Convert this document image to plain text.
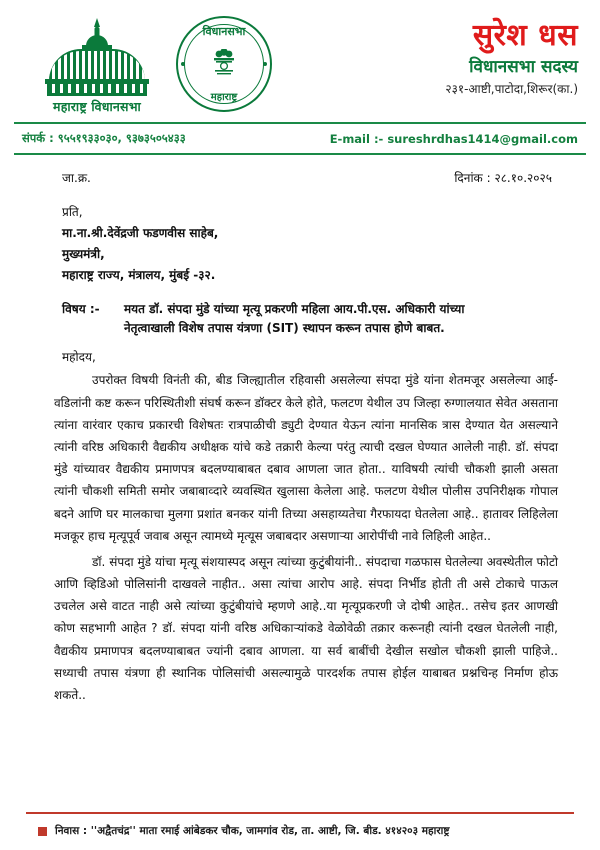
महाराष्ट्र विधानसभा
विधानसभा
महाराष्ट्र
सुरेश धस
विधानसभा सदस्य
२३१-आष्टी,पाटोदा,शिरूर(का.)
संपर्क : ९५५१९३३०३०, ९३७३५०५४३३	E-mail :- sureshrdhas1414@gmail.com
जा.क्र.	दिनांक : २८.१०.२०२५
प्रति,
मा.ना.श्री.देवेंद्रजी फडणवीस साहेब,
मुख्यमंत्री,
महाराष्ट्र राज्य, मंत्रालय, मुंबई -३२.
विषय :-	मयत डॉ. संपदा मुंडे यांच्या मृत्यू प्रकरणी महिला आय.पी.एस. अधिकारी यांच्या
नेतृत्वाखाली विशेष तपास यंत्रणा (SIT) स्थापन करून तपास होणे बाबत.
महोदय,
उपरोक्त विषयी विनंती की, बीड जिल्ह्यातील रहिवासी असलेल्या संपदा मुंडे यांना शेतमजूर असलेल्या आई-वडिलांनी कष्ट करून परिस्थितीशी संघर्ष करून डॉक्टर केले होते, फलटण येथील उप जिल्हा रुग्णालयात सेवेत असताना त्यांना वारंवार एकाच प्रकारची विशेषतः रात्रपाळीची ड्युटी देण्यात येऊन त्यांना मानसिक त्रास देण्यात येत असल्याने त्यांनी वरिष्ठ अधिकारी वैद्यकीय अधीक्षक यांचे कडे तक्रारी केल्या परंतु त्याची दखल घेण्यात आलेली नाही. डॉ. संपदा मुंडे यांच्यावर वैद्यकीय प्रमाणपत्र बदलण्याबाबत दबाव आणला जात होता.. याविषयी त्यांची चौकशी झाली असता त्यांनी चौकशी समिती समोर जबाबाव्दारे व्यवस्थित खुलासा केलेला आहे. फलटण येथील पोलीस उपनिरीक्षक गोपाल बदने आणि घर मालकाचा मुलगा प्रशांत बनकर यांनी तिच्या असहाय्यतेचा गैरफायदा घेतलेला आहे.. हातावर लिहिलेला मजकूर हाच मृत्यूपूर्व जवाब असून त्यामध्ये मृत्यूस जबाबदार असणाऱ्या आरोपींची नावे लिहिली आहेत..
डॉ. संपदा मुंडे यांचा मृत्यू संशयास्पद असून त्यांच्या कुटुंबीयांनी.. संपदाचा गळफास घेतलेल्या अवस्थेतील फोटो आणि व्हिडिओ पोलिसांनी दाखवले नाहीत.. असा त्यांचा आरोप आहे. संपदा निर्भीड होती ती असे टोकाचे पाऊल उचलेल असे वाटत नाही असे त्यांच्या कुटुंबीयांचे म्हणणे आहे..या मृत्यूप्रकरणी जे दोषी आहेत.. तसेच इतर आणखी कोण सहभागी आहेत ? डॉ. संपदा यांनी वरिष्ठ अधिकाऱ्यांकडे वेळोवेळी तक्रार करूनही त्यांनी दखल घेतलेली नाही, वैद्यकीय प्रमाणपत्र बदलण्याबाबत ज्यांनी दबाव आणला. या सर्व बाबींची देखील सखोल चौकशी झाली पाहिजे.. सध्याची तपास यंत्रणा ही स्थानिक पोलिसांची असल्यामुळे पारदर्शक तपास होईल याबाबत प्रश्नचिन्ह निर्माण होऊ शकते..
निवास : ''अद्वैतचंद्र'' माता रमाई आंबेडकर चौक, जामगांव रोड, ता. आष्टी, जि. बीड. ४१४२०३ महाराष्ट्र
